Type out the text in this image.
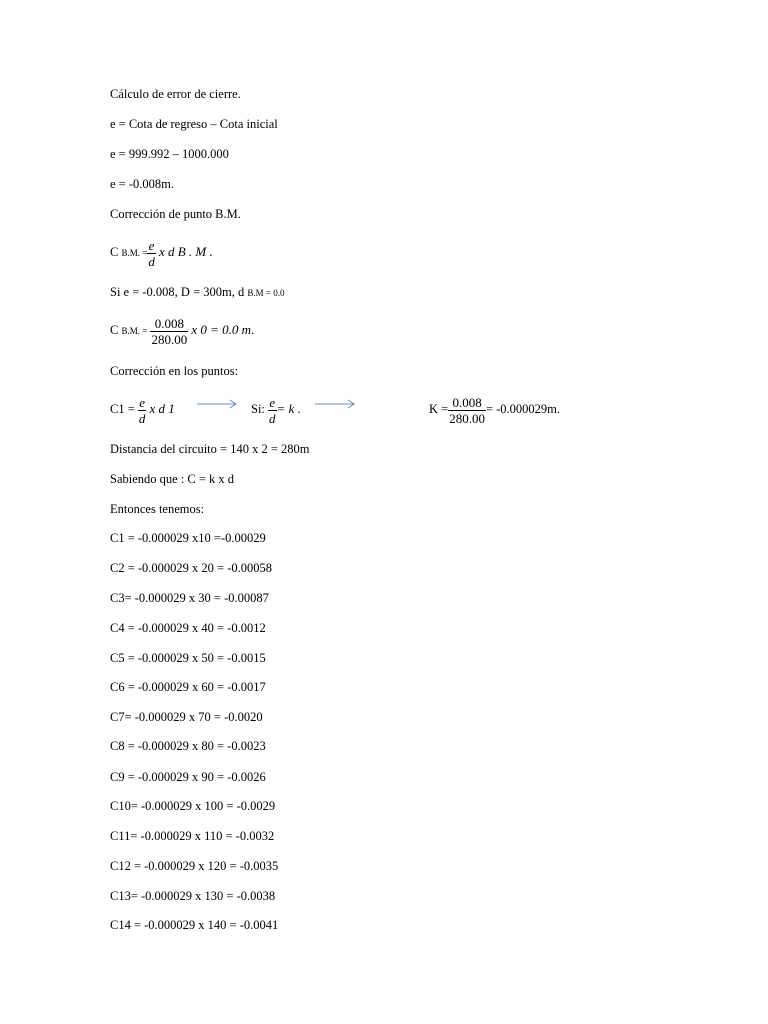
Cálculo de error de cierre.
e = Cota de regreso – Cota inicial
e = 999.992 – 1000.000
e = -0.008m.
Corrección de punto B.M.
C B.M. = $\frac{e}{d}$ x d B . M .
Si e = -0.008, D = 300m, d B.M = 0.0
C B.M. = $\frac{0.008}{280.00}$ x 0 = 0.0 m.
Corrección en los puntos:
$C1 = \frac{e}{d}$ x d 1	Si: $\frac{e}{d} = k$ .	$K = \frac{0.008}{280.00} = -0.000029m$.
Distancia del circuito = 140 x 2 = 280m
Sabiendo que : C = k x d
Entonces tenemos:
C1 = -0.000029 x10 =-0.00029
C2 = -0.000029 x 20 = -0.00058
C3= -0.000029 x 30 = -0.00087
C4 = -0.000029 x 40 = -0.0012
C5 = -0.000029 x 50 = -0.0015
C6 = -0.000029 x 60 = -0.0017
C7= -0.000029 x 70 = -0.0020
C8 = -0.000029 x 80 = -0.0023
C9 = -0.000029 x 90 = -0.0026
C10= -0.000029 x 100 = -0.0029
C11= -0.000029 x 110 = -0.0032
C12 = -0.000029 x 120 = -0.0035
C13= -0.000029 x 130 = -0.0038
C14 = -0.000029 x 140 = -0.0041
